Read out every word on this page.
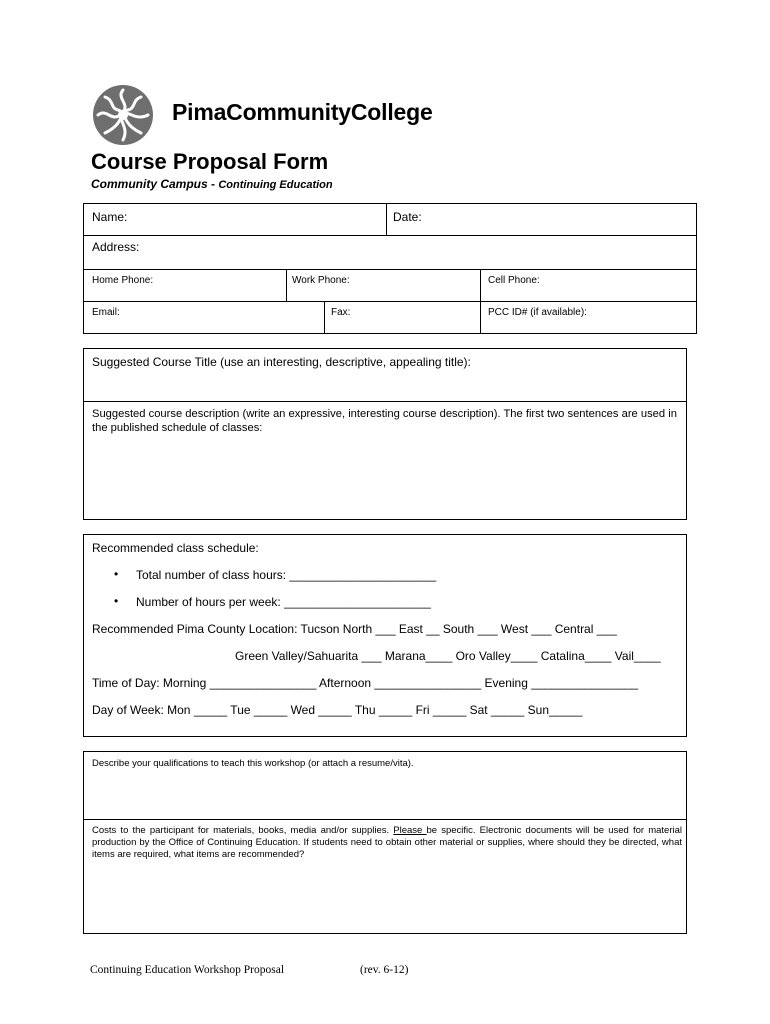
PimaCommunityCollege
Course Proposal Form
Community Campus - Continuing Education
Name:	Date:
Address:
Home Phone:	Work Phone:	Cell Phone:
Email:	Fax:	PCC ID# (if available):
Suggested Course Title (use an interesting, descriptive, appealing title):
Suggested course description (write an expressive, interesting course description). The first two sentences are used in the published schedule of classes:
Recommended class schedule:
• Total number of class hours: ______________________
• Number of hours per week: ______________________
Recommended Pima County Location: Tucson North ___ East __ South ___ West ___ Central ___
Green Valley/Sahuarita ___ Marana____ Oro Valley____ Catalina____ Vail____
Time of Day: Morning ________________ Afternoon ________________ Evening ________________
Day of Week: Mon _____ Tue _____ Wed _____ Thu _____ Fri _____ Sat _____ Sun_____
Describe your qualifications to teach this workshop (or attach a resume/vita).
Costs to the participant for materials, books, media and/or supplies. Please be specific. Electronic documents will be used for material production by the Office of Continuing Education. If students need to obtain other material or supplies, where should they be directed, what items are required, what items are recommended?
Continuing Education Workshop Proposal	(rev. 6-12)
